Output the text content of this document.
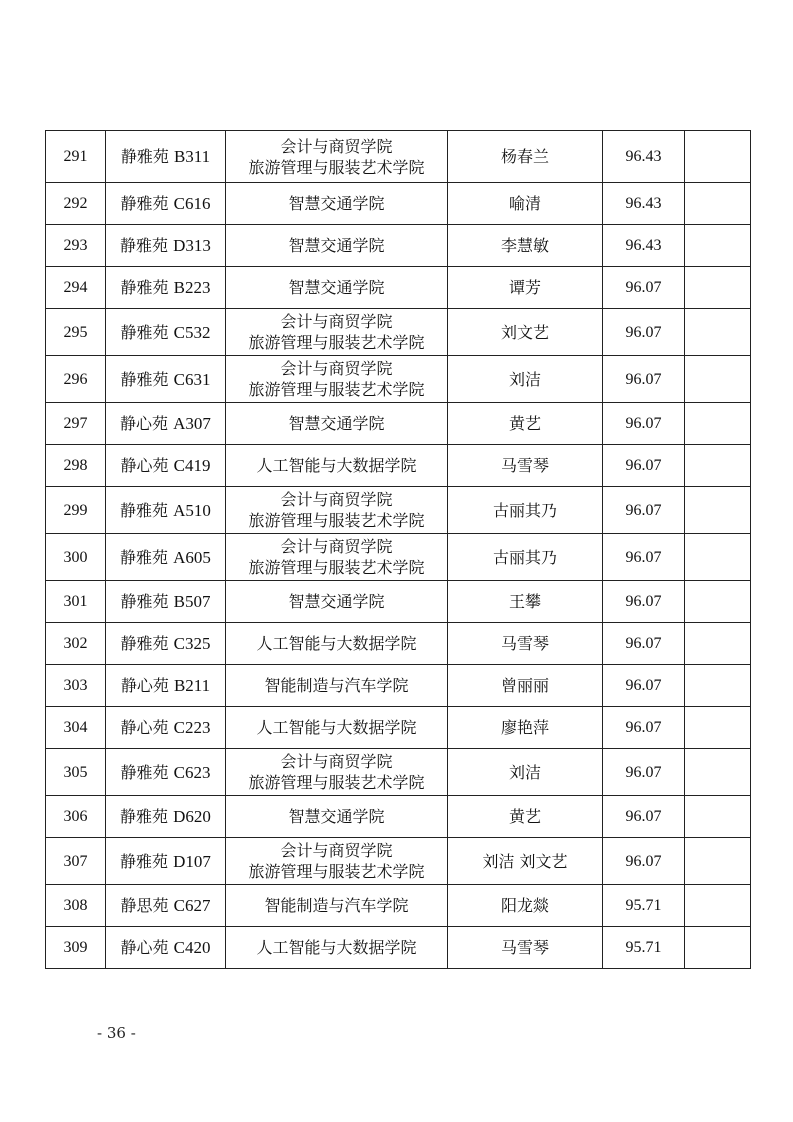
291	静雅苑 B311	会计与商贸学院
旅游管理与服装艺术学院	杨春兰	96.43	
292	静雅苑 C616	智慧交通学院	喻清	96.43	
293	静雅苑 D313	智慧交通学院	李慧敏	96.43	
294	静雅苑 B223	智慧交通学院	谭芳	96.07	
295	静雅苑 C532	会计与商贸学院
旅游管理与服装艺术学院	刘文艺	96.07	
296	静雅苑 C631	会计与商贸学院
旅游管理与服装艺术学院	刘洁	96.07	
297	静心苑 A307	智慧交通学院	黄艺	96.07	
298	静心苑 C419	人工智能与大数据学院	马雪琴	96.07	
299	静雅苑 A510	会计与商贸学院
旅游管理与服装艺术学院	古丽其乃	96.07	
300	静雅苑 A605	会计与商贸学院
旅游管理与服装艺术学院	古丽其乃	96.07	
301	静雅苑 B507	智慧交通学院	王攀	96.07	
302	静雅苑 C325	人工智能与大数据学院	马雪琴	96.07	
303	静心苑 B211	智能制造与汽车学院	曾丽丽	96.07	
304	静心苑 C223	人工智能与大数据学院	廖艳萍	96.07	
305	静雅苑 C623	会计与商贸学院
旅游管理与服装艺术学院	刘洁	96.07	
306	静雅苑 D620	智慧交通学院	黄艺	96.07	
307	静雅苑 D107	会计与商贸学院
旅游管理与服装艺术学院	刘洁 刘文艺	96.07	
308	静思苑 C627	智能制造与汽车学院	阳龙燚	95.71	
309	静心苑 C420	人工智能与大数据学院	马雪琴	95.71	
- 36 -
